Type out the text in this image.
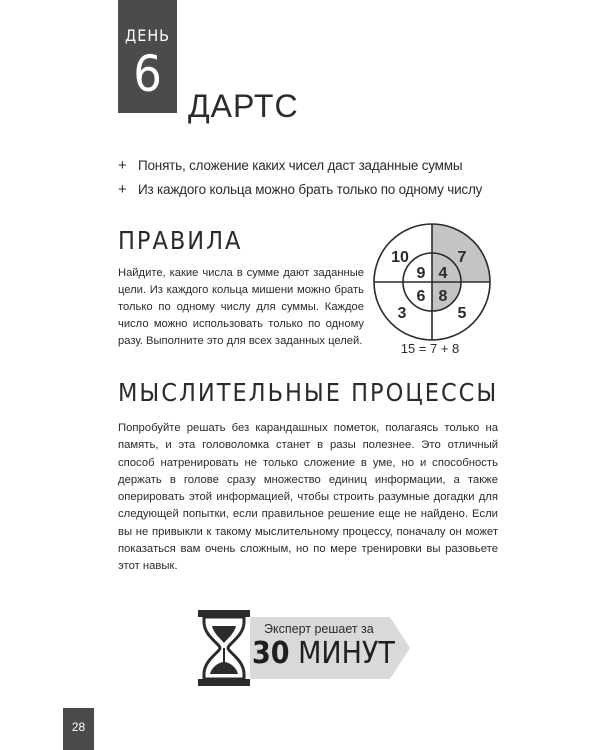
ДЕНЬ
6
ДАРТС
+ Понять, сложение каких чисел даст заданные суммы
+ Из каждого кольца можно брать только по одному числу
ПРАВИЛА

Найдите, какие числа в сумме дают заданные цели. Из каждого кольца мишени можно брать только по одному числу для суммы. Каждое число можно использовать только по одному разу. Выполните это для всех заданных целей.

10	7
3	5
9 4
6 8

15 = 7 + 8

МЫСЛИТЕЛЬНЫЕ ПРОЦЕССЫ

Попробуйте решать без карандашных пометок, полагаясь только на память, и эта головоломка станет в разы полезнее. Это отличный способ натренировать не только сложение в уме, но и способность держать в голове сразу множество единиц информации, а также оперировать этой информацией, чтобы строить разумные догадки для следующей попытки, если правильное решение еще не найдено. Если вы не привыкли к такому мыслительному процессу, поначалу он может показаться вам очень сложным, но по мере тренировки вы разовьете этот навык.

Эксперт решает за

30 МИНУТ

28
